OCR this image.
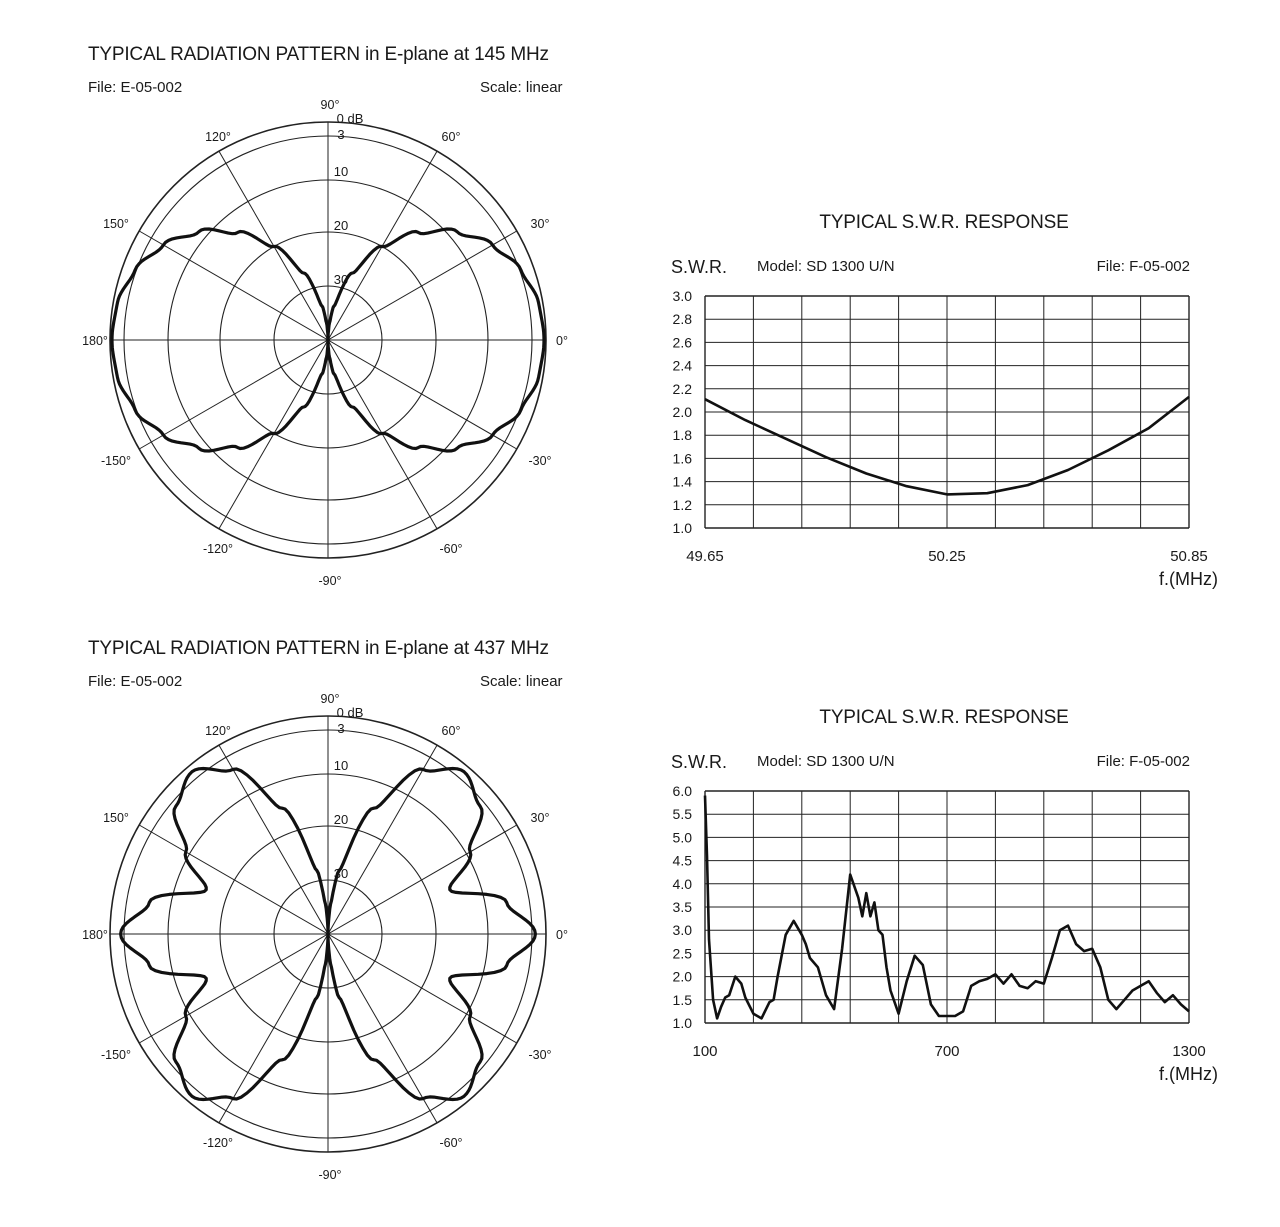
TYPICAL RADIATION PATTERN in E-plane at 145 MHz
File: E-05-002	Scale: linear
90°
60°
30°
0°
-30°
-60°
-90°
-120°
-150°
180°
150°
120°
0 dB
3
10
20
30
TYPICAL RADIATION PATTERN in E-plane at 437 MHz
File: E-05-002	Scale: linear
90°
60°
30°
0°
-30°
-60°
-90°
-120°
-150°
180°
150°
120°
0 dB
3
10
20
30
TYPICAL S.W.R. RESPONSE
S.W.R. Model: SD 1300 U/N	File: F-05-002
f.(MHz)
3.0
2.8
2.6
2.4
2.2
2.0
1.8
1.6
1.4
1.2
1.0
49.65	50.25	50.85
TYPICAL S.W.R. RESPONSE
S.W.R. Model: SD 1300 U/N	File: F-05-002
f.(MHz)
6.0
5.5
5.0
4.5
4.0
3.5
3.0
2.5
2.0
1.5
1.0
100	700	1300
